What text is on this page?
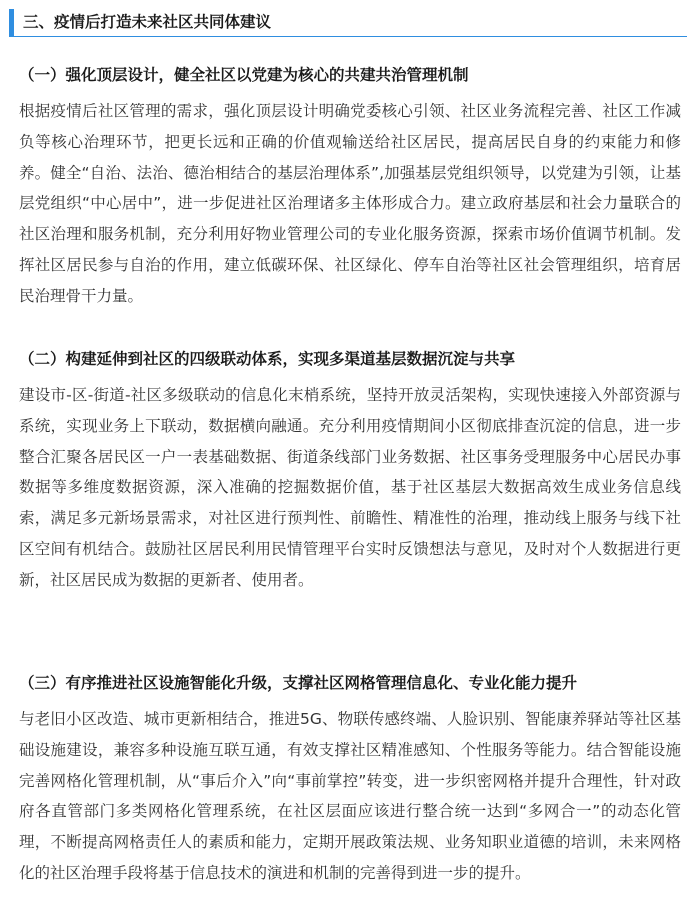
三、疫情后打造未来社区共同体建议
（一）强化顶层设计，健全社区以党建为核心的共建共治管理机制

根据疫情后社区管理的需求，强化顶层设计明确党委核心引领、社区业务流程完善、社区工作减负等核心治理环节，把更长远和正确的价值观输送给社区居民，提高居民自身的约束能力和修养。健全“自治、法治、德治相结合的基层治理体系”,加强基层党组织领导，以党建为引领，让基层党组织“中心居中”，进一步促进社区治理诸多主体形成合力。建立政府基层和社会力量联合的社区治理和服务机制，充分利用好物业管理公司的专业化服务资源，探索市场价值调节机制。发挥社区居民参与自治的作用，建立低碳环保、社区绿化、停车自治等社区社会管理组织，培育居民治理骨干力量。

（二）构建延伸到社区的四级联动体系，实现多渠道基层数据沉淀与共享

建设市-区-街道-社区多级联动的信息化末梢系统，坚持开放灵活架构，实现快速接入外部资源与系统，实现业务上下联动，数据横向融通。充分利用疫情期间小区彻底排查沉淀的信息，进一步整合汇聚各居民区一户一表基础数据、街道条线部门业务数据、社区事务受理服务中心居民办事数据等多维度数据资源，深入准确的挖掘数据价值，基于社区基层大数据高效生成业务信息线索，满足多元新场景需求，对社区进行预判性、前瞻性、精准性的治理，推动线上服务与线下社区空间有机结合。鼓励社区居民利用民情管理平台实时反馈想法与意见，及时对个人数据进行更新，社区居民成为数据的更新者、使用者。

（三）有序推进社区设施智能化升级，支撑社区网格管理信息化、专业化能力提升

与老旧小区改造、城市更新相结合，推进5G、物联传感终端、人脸识别、智能康养驿站等社区基础设施建设，兼容多种设施互联互通，有效支撑社区精准感知、个性服务等能力。结合智能设施完善网格化管理机制，从“事后介入”向“事前掌控”转变，进一步织密网格并提升合理性，针对政府各直管部门多类网格化管理系统，在社区层面应该进行整合统一达到“多网合一”的动态化管理，不断提高网格责任人的素质和能力，定期开展政策法规、业务知职业道德的培训，未来网格化的社区治理手段将基于信息技术的演进和机制的完善得到进一步的提升。
